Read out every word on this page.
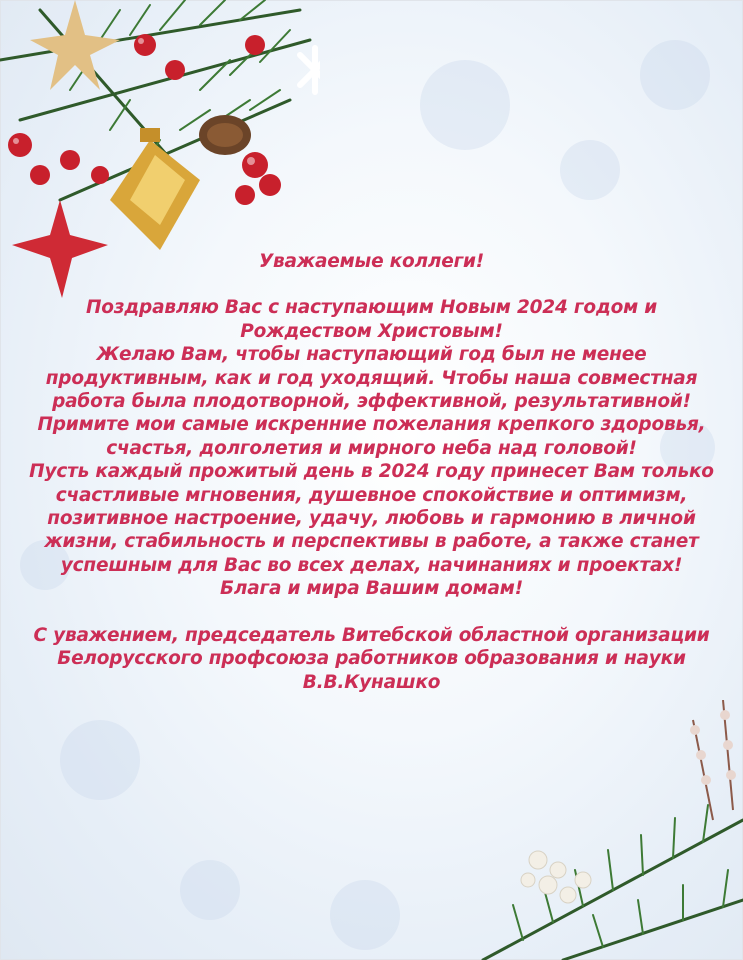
Уважаемые коллеги!

Поздравляю Вас с наступающим Новым 2024 годом и Рождеством Христовым!

Желаю Вам, чтобы наступающий год был не менее продуктивным, как и год уходящий. Чтобы наша совместная работа была плодотворной, эффективной, результативной!

Примите мои самые искренние пожелания крепкого здоровья, счастья, долголетия и мирного неба над головой!

Пусть каждый прожитый день в 2024 году принесет Вам только счастливые мгновения, душевное спокойствие и оптимизм, позитивное настроение, удачу, любовь и гармонию в личной жизни, стабильность и перспективы в работе, а также станет успешным для Вас во всех делах, начинаниях и проектах!

Блага и мира Вашим домам!

С уважением, председатель Витебской областной организации Белорусского профсоюза работников образования и науки В.В.Кунашко
